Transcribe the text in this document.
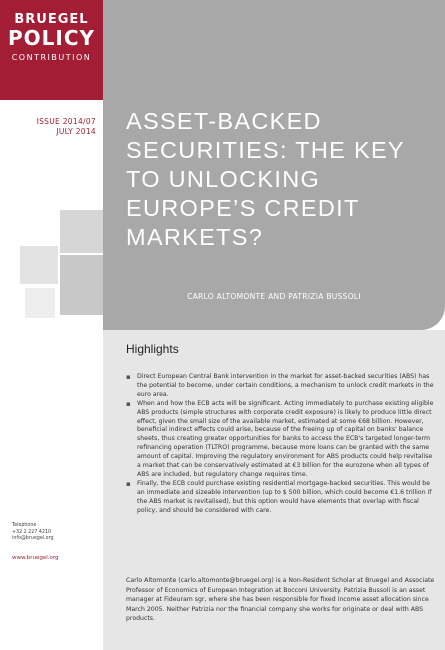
BRUEGEL
POLICY
CONTRIBUTION
ISSUE 2014/07
JULY 2014 ASSET-BACKED SECURITIES: THE KEY TO UNLOCKING EUROPE’S CREDIT MARKETS?
CARLO ALTOMONTE AND PATRIZIA BUSSOLI
Highlights
▪ Direct European Central Bank intervention in the market for asset-backed securities (ABS) has the potential to become, under certain conditions, a mechanism to unlock credit markets in the euro area.
▪ When and how the ECB acts will be significant. Acting immediately to purchase existing eligible ABS products (simple structures with corporate credit exposure) is likely to produce little direct effect, given the small size of the available market, estimated at some €68 billion. However, beneficial indirect effects could arise, because of the freeing up of capital on banks' balance sheets, thus creating greater opportunities for banks to access the ECB's targeted longer-term refinancing operation (TLTRO) programme, because more loans can be granted with the same amount of capital. Improving the regulatory environment for ABS products could help revitalise a market that can be conservatively estimated at €3 billion for the eurozone when all types of ABS are included, but regulatory change requires time.
▪ Finally, the ECB could purchase existing residential mortgage-backed securities. This would be an immediate and sizeable intervention (up to $ 500 billion, which could become €1.6 trillion if the ABS market is revitalised), but this option would have elements that overlap with fiscal policy, and should be considered with care.
Carlo Altomonte (carlo.altomonte@bruegel.org) is a Non-Resident Scholar at Bruegel and Associate Professor of Economics of European Integration at Bocconi University. Patrizia Bussoli is an asset manager at Fideuram sgr, where she has been responsible for fixed income asset allocation since March 2005. Neither Patrizia nor the financial company she works for originate or deal with ABS products.
Telephone
+32 2 227 4210
info@bruegel.org
www.bruegel.org
